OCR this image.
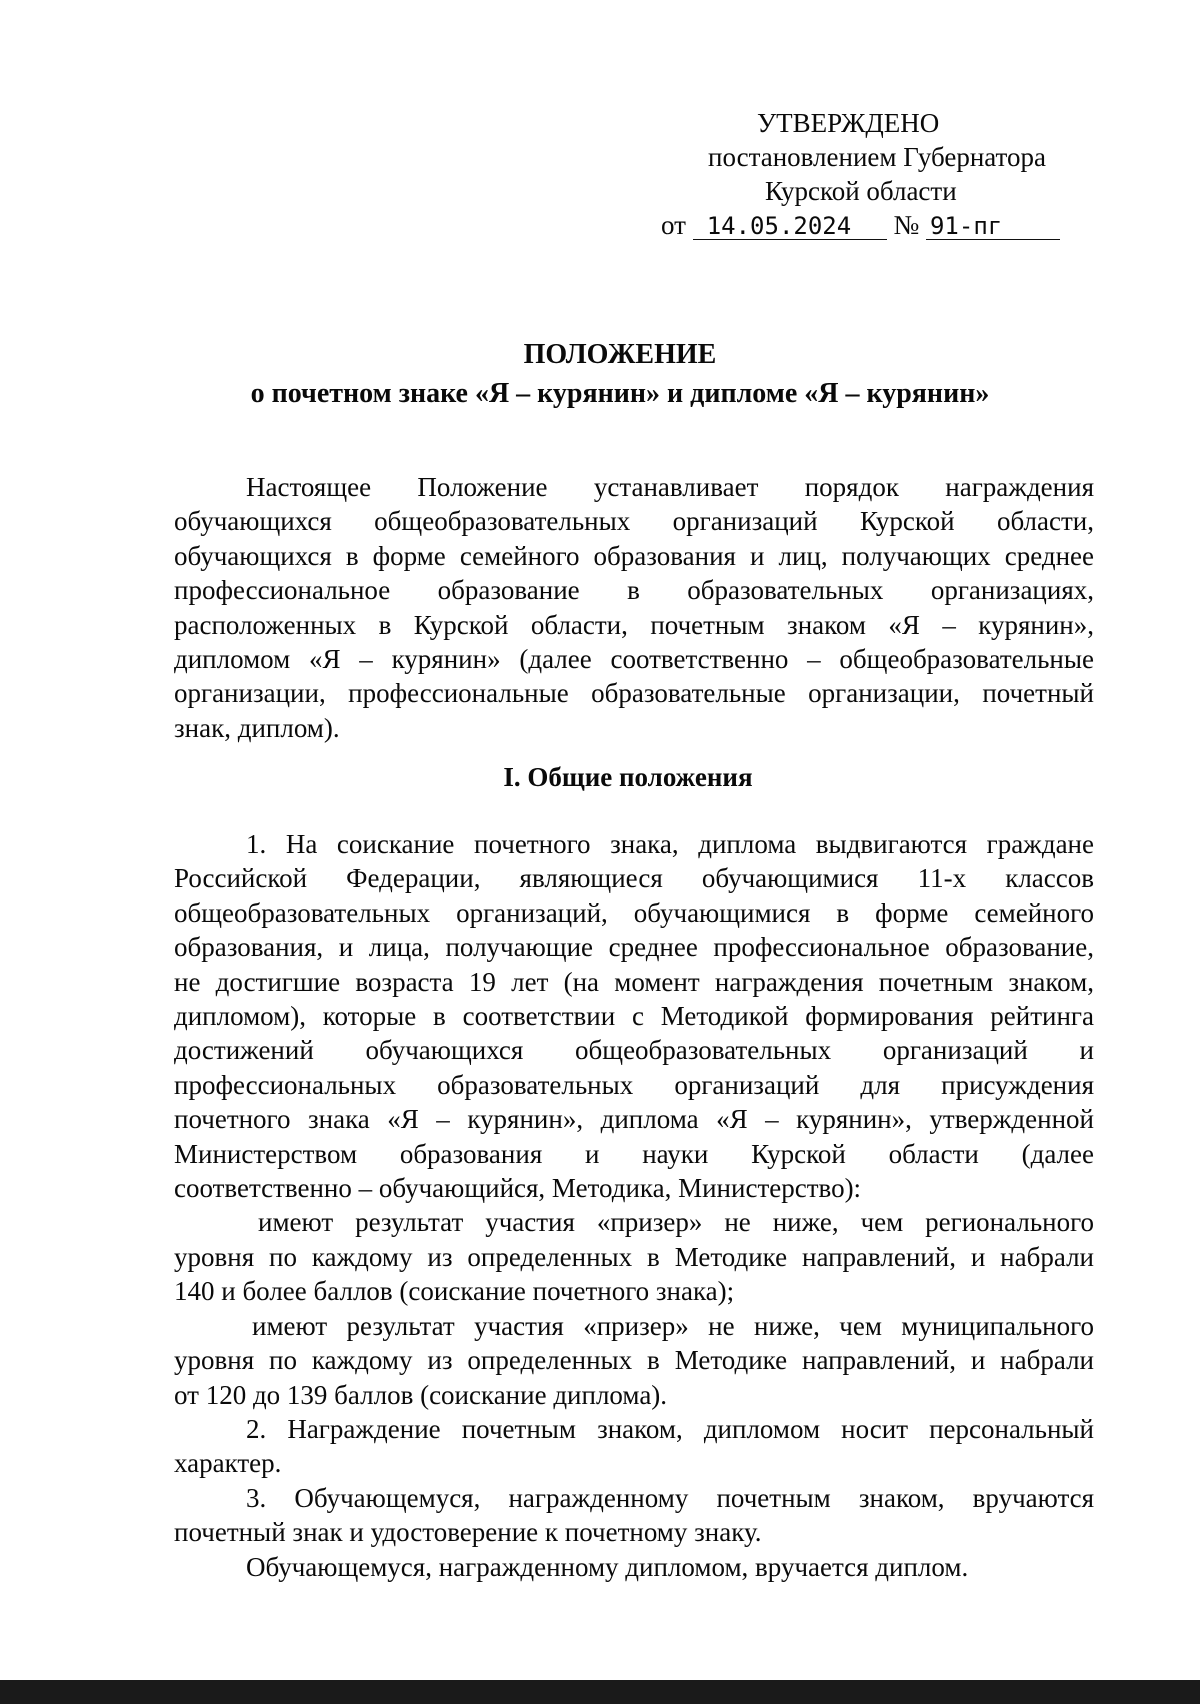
УТВЕРЖДЕНО
постановлением Губернатора
Курской области
от 14.05.2024 № 91-пг
ПОЛОЖЕНИЕ
о почетном знаке «Я – курянин» и дипломе «Я – курянин»
Настоящее Положение устанавливает порядок награждения
обучающихся общеобразовательных организаций Курской области,
обучающихся в форме семейного образования и лиц, получающих среднее
профессиональное образование в образовательных организациях,
расположенных в Курской области, почетным знаком «Я – курянин»,
дипломом «Я – курянин» (далее соответственно – общеобразовательные
организации, профессиональные образовательные организации, почетный
знак, диплом).
I. Общие положения
1. На соискание почетного знака, диплома выдвигаются граждане
Российской Федерации, являющиеся обучающимися 11-х классов
общеобразовательных организаций, обучающимися в форме семейного
образования, и лица, получающие среднее профессиональное образование,
не достигшие возраста 19 лет (на момент награждения почетным знаком,
дипломом), которые в соответствии с Методикой формирования рейтинга
достижений обучающихся общеобразовательных организаций и
профессиональных образовательных организаций для присуждения
почетного знака «Я – курянин», диплома «Я – курянин», утвержденной
Министерством образования и науки Курской области (далее
соответственно – обучающийся, Методика, Министерство):
имеют результат участия «призер» не ниже, чем регионального
уровня по каждому из определенных в Методике направлений, и набрали
140 и более баллов (соискание почетного знака);
имеют результат участия «призер» не ниже, чем муниципального
уровня по каждому из определенных в Методике направлений, и набрали
от 120 до 139 баллов (соискание диплома).
2. Награждение почетным знаком, дипломом носит персональный
характер.
3. Обучающемуся, награжденному почетным знаком, вручаются
почетный знак и удостоверение к почетному знаку.
Обучающемуся, награжденному дипломом, вручается диплом.
